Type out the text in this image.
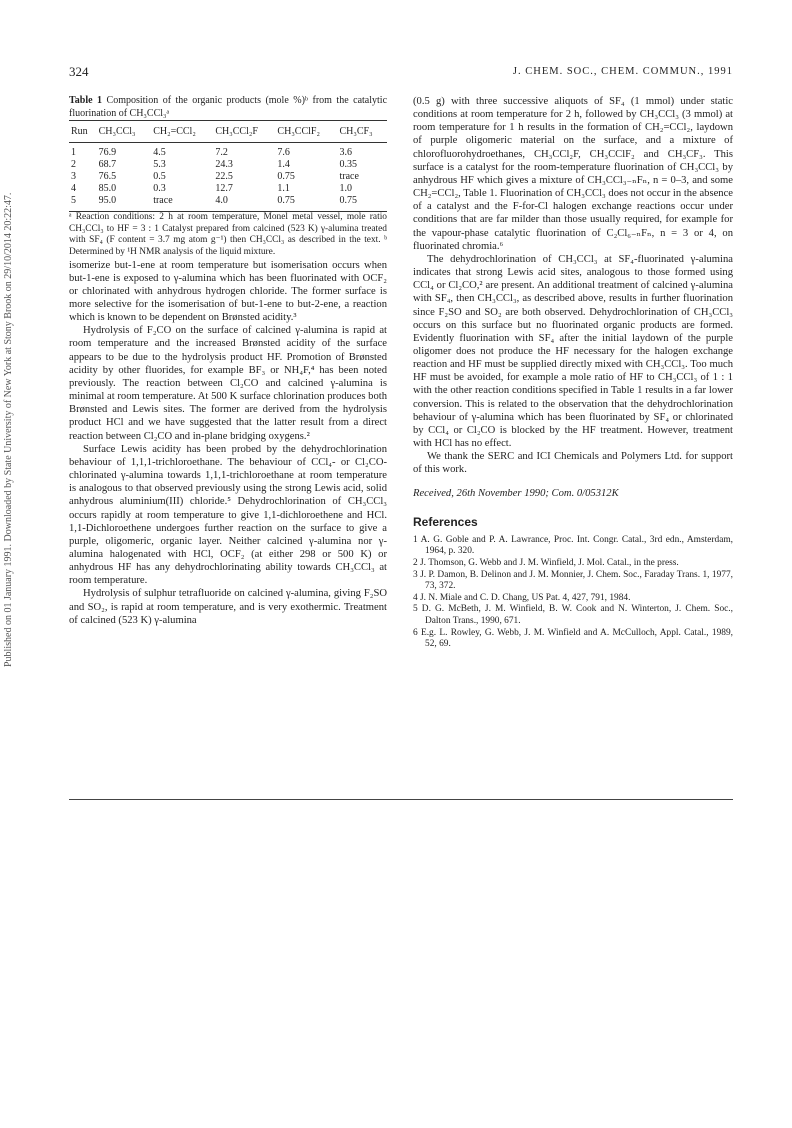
Published on 01 January 1991. Downloaded by State University of New York at Stony Brook on 29/10/2014 20:22:47.
324	J. CHEM. SOC., CHEM. COMMUN., 1991

Table 1 Composition of the organic products (mole %)ᵇ from the catalytic fluorination of CH₃CCl₃ᵃ

Run	CH₃CCl₃	CH₂=CCl₂	CH₃CCl₂F	CH₃CClF₂	CH₃CF₃
1	76.9	4.5	7.2	7.6	3.6
2	68.7	5.3	24.3	1.4	0.35
3	76.5	0.5	22.5	0.75	trace
4	85.0	0.3	12.7	1.1	1.0
5	95.0	trace	4.0	0.75	0.75

ᵃ Reaction conditions: 2 h at room temperature, Monel metal vessel, mole ratio CH₃CCl₃ to HF = 3 : 1 Catalyst prepared from calcined (523 K) γ-alumina treated with SF₄ (F content = 3.7 mg atom g⁻¹) then CH₃CCl₃ as described in the text. ᵇ Determined by ¹H NMR analysis of the liquid mixture.

isomerize but-1-ene at room temperature but isomerisation occurs when but-1-ene is exposed to γ-alumina which has been fluorinated with OCF₂ or chlorinated with anhydrous hydrogen chloride. The former surface is more selective for the isomerisation of but-1-ene to but-2-ene, a reaction which is known to be dependent on Brønsted acidity.³

Hydrolysis of F₂CO on the surface of calcined γ-alumina is rapid at room temperature and the increased Brønsted acidity of the surface appears to be due to the hydrolysis product HF. Promotion of Brønsted acidity by other fluorides, for example BF₃ or NH₄F,⁴ has been noted previously. The reaction between Cl₂CO and calcined γ-alumina is minimal at room temperature. At 500 K surface chlorination produces both Brønsted and Lewis sites. The former are derived from the hydrolysis product HCl and we have suggested that the latter result from a direct reaction between Cl₂CO and in-plane bridging oxygens.²

Surface Lewis acidity has been probed by the dehydrochlorination behaviour of 1,1,1-trichloroethane. The behaviour of CCl₄- or Cl₂CO-chlorinated γ-alumina towards 1,1,1-trichloroethane at room temperature is analogous to that observed previously using the strong Lewis acid, solid anhydrous aluminium(III) chloride.⁵ Dehydrochlorination of CH₃CCl₃ occurs rapidly at room temperature to give 1,1-dichloroethene and HCl. 1,1-Dichloroethene undergoes further reaction on the surface to give a purple, oligomeric, organic layer. Neither calcined γ-alumina nor γ-alumina halogenated with HCl, OCF₂ (at either 298 or 500 K) or anhydrous HF has any dehydrochlorinating ability towards CH₃CCl₃ at room temperature.

Hydrolysis of sulphur tetrafluoride on calcined γ-alumina, giving F₂SO and SO₂, is rapid at room temperature, and is very exothermic. Treatment of calcined (523 K) γ-alumina

(0.5 g) with three successive aliquots of SF₄ (1 mmol) under static conditions at room temperature for 2 h, followed by CH₃CCl₃ (3 mmol) at room temperature for 1 h results in the formation of CH₂=CCl₂, laydown of purple oligomeric material on the surface, and a mixture of chlorofluorohydroethanes, CH₃CCl₂F, CH₃CClF₂ and CH₃CF₃. This surface is a catalyst for the room-temperature fluorination of CH₃CCl₃ by anhydrous HF which gives a mixture of CH₃CCl₃₋ₙFₙ, n = 0–3, and some CH₂=CCl₂, Table 1. Fluorination of CH₃CCl₃ does not occur in the absence of a catalyst and the F-for-Cl halogen exchange reactions occur under conditions that are far milder than those usually required, for example for the vapour-phase catalytic fluorination of C₂Cl₆₋ₙFₙ, n = 3 or 4, on fluorinated chromia.⁶

The dehydrochlorination of CH₃CCl₃ at SF₄-fluorinated γ-alumina indicates that strong Lewis acid sites, analogous to those formed using CCl₄ or Cl₂CO,² are present. An additional treatment of calcined γ-alumina with SF₄, then CH₃CCl₃, as described above, results in further fluorination since F₂SO and SO₂ are both observed. Dehydrochlorination of CH₃CCl₃ occurs on this surface but no fluorinated organic products are formed. Evidently fluorination with SF₄ after the initial laydown of the purple oligomer does not produce the HF necessary for the halogen exchange reaction and HF must be supplied directly mixed with CH₃CCl₃. Too much HF must be avoided, for example a mole ratio of HF to CH₃CCl₃ of 1 : 1 with the other reaction conditions specified in Table 1 results in a far lower conversion. This is related to the observation that the dehydrochlorination behaviour of γ-alumina which has been fluorinated by SF₄ or chlorinated by CCl₄ or Cl₂CO is blocked by the HF treatment. However, treatment with HCl has no effect.

We thank the SERC and ICI Chemicals and Polymers Ltd. for support of this work.

Received, 26th November 1990; Com. 0/05312K

References

1 A. G. Goble and P. A. Lawrance, Proc. Int. Congr. Catal., 3rd edn., Amsterdam, 1964, p. 320.

2 J. Thomson, G. Webb and J. M. Winfield, J. Mol. Catal., in the press.

3 J. P. Damon, B. Delinon and J. M. Monnier, J. Chem. Soc., Faraday Trans. 1, 1977, 73, 372.

4 J. N. Miale and C. D. Chang, US Pat. 4, 427, 791, 1984.

5 D. G. McBeth, J. M. Winfield, B. W. Cook and N. Winterton, J. Chem. Soc., Dalton Trans., 1990, 671.

6 E.g. L. Rowley, G. Webb, J. M. Winfield and A. McCulloch, Appl. Catal., 1989, 52, 69.
